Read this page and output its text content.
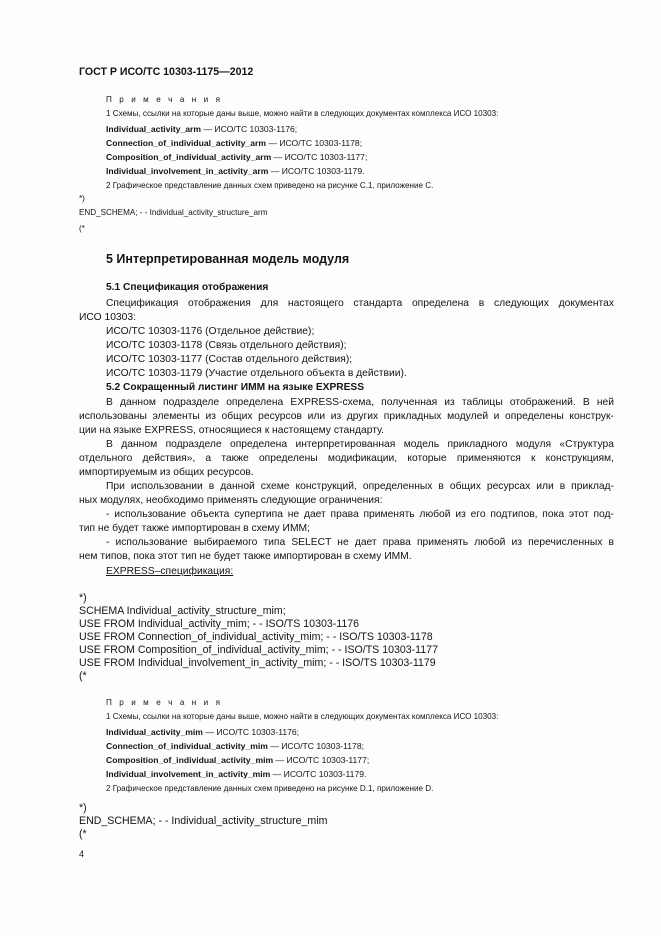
ГОСТ Р ИСО/ТС 10303-1175—2012
П р и м е ч а н и я
1 Схемы, ссылки на которые даны выше, можно найти в следующих документах комплекса ИСО 10303:
Individual_activity_arm — ИСО/ТС 10303-1176;
Connection_of_individual_activity_arm — ИСО/ТС 10303-1178;
Composition_of_individual_activity_arm — ИСО/ТС 10303-1177;
Individual_involvement_in_activity_arm — ИСО/ТС 10303-1179.
2 Графическое представление данных схем приведено на рисунке С.1, приложение С.
*)
END_SCHEMA; - - Individual_activity_structure_arm
(*
5 Интерпретированная модель модуля
5.1 Спецификация отображения
Спецификация отображения для настоящего стандарта определена в следующих документах
ИСО 10303:
ИСО/ТС 10303-1176 (Отдельное действие);
ИСО/ТС 10303-1178 (Связь отдельного действия);
ИСО/ТС 10303-1177 (Состав отдельного действия);
ИСО/ТС 10303-1179 (Участие отдельного объекта в действии).
5.2 Сокращенный листинг ИММ на языке EXPRESS
В данном подразделе определена EXPRESS-схема, полученная из таблицы отображений. В ней
использованы элементы из общих ресурсов или из других прикладных модулей и определены конструк-
ции на языке EXPRESS, относящиеся к настоящему стандарту.
В данном подразделе определена интерпретированная модель прикладного модуля «Структура
отдельного действия», а также определены модификации, которые применяются к конструкциям,
импортируемым из общих ресурсов.
При использовании в данной схеме конструкций, определенных в общих ресурсах или в приклад-
ных модулях, необходимо применять следующие ограничения:
- использование объекта супертипа не дает права применять любой из его подтипов, пока этот под-
тип не будет также импортирован в схему ИММ;
- использование выбираемого типа SELECT не дает права применять любой из перечисленных в
нем типов, пока этот тип не будет также импортирован в схему ИММ.
EXPRESS–спецификация:
*)
SCHEMA Individual_activity_structure_mim;
USE FROM Individual_activity_mim; - - ISO/TS 10303-1176
USE FROM Connection_of_individual_activity_mim; - - ISO/TS 10303-1178
USE FROM Composition_of_individual_activity_mim; - - ISO/TS 10303-1177
USE FROM Individual_involvement_in_activity_mim; - - ISO/TS 10303-1179
(*
П р и м е ч а н и я
1 Схемы, ссылки на которые даны выше, можно найти в следующих документах комплекса ИСО 10303:
Individual_activity_mim — ИСО/ТС 10303-1176;
Connection_of_individual_activity_mim — ИСО/ТС 10303-1178;
Composition_of_individual_activity_mim — ИСО/ТС 10303-1177;
Individual_involvement_in_activity_mim — ИСО/ТС 10303-1179.
2 Графическое представление данных схем приведено на рисунке D.1, приложение D.
*)
END_SCHEMA; - - Individual_activity_structure_mim
(*
4
